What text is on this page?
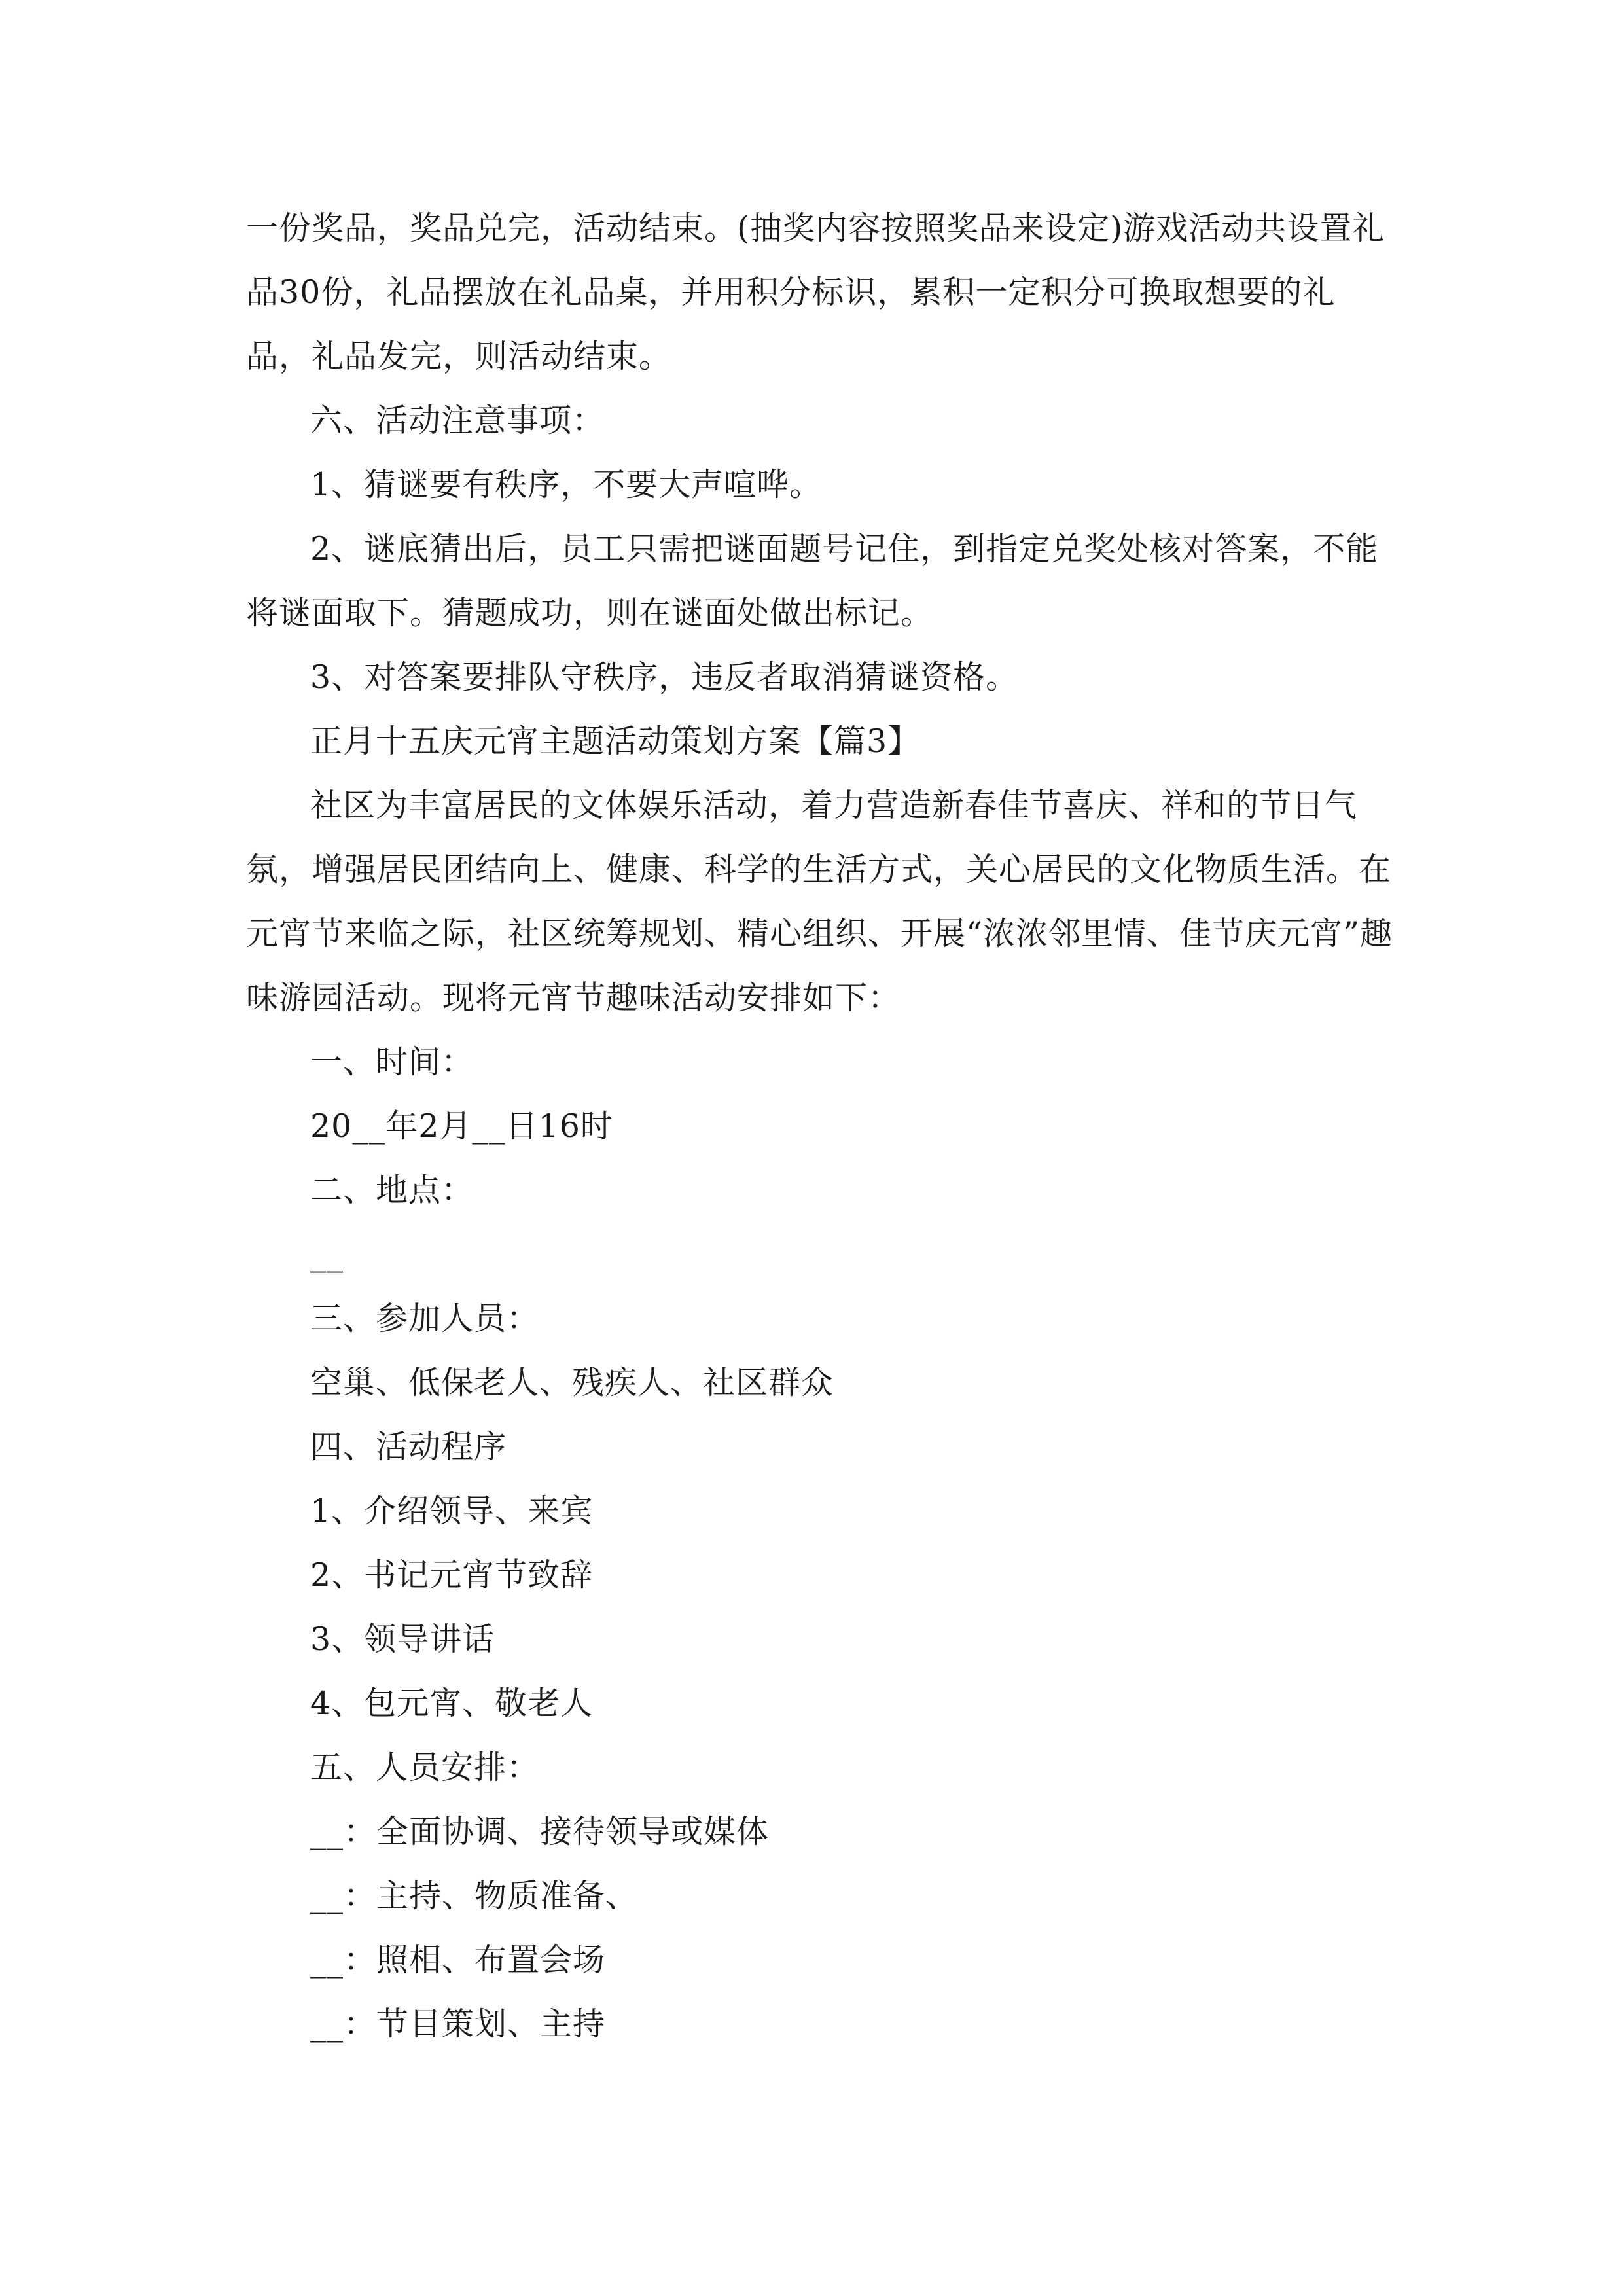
一份奖品，奖品兑完，活动结束。(抽奖内容按照奖品来设定)游戏活动共设置礼品30份，礼品摆放在礼品桌，并用积分标识，累积一定积分可换取想要的礼品，礼品发完，则活动结束。

六、活动注意事项：

1、猜谜要有秩序，不要大声喧哗。

2、谜底猜出后，员工只需把谜面题号记住，到指定兑奖处核对答案，不能将谜面取下。猜题成功，则在谜面处做出标记。

3、对答案要排队守秩序，违反者取消猜谜资格。

正月十五庆元宵主题活动策划方案【篇3】

社区为丰富居民的文体娱乐活动，着力营造新春佳节喜庆、祥和的节日气氛，增强居民团结向上、健康、科学的生活方式，关心居民的文化物质生活。在元宵节来临之际，社区统筹规划、精心组织、开展“浓浓邻里情、佳节庆元宵”趣味游园活动。现将元宵节趣味活动安排如下：

一、时间：

20__年2月__日16时

二、地点：

__

三、参加人员：

空巢、低保老人、残疾人、社区群众

四、活动程序

1、介绍领导、来宾

2、书记元宵节致辞

3、领导讲话

4、包元宵、敬老人

五、人员安排：

__：全面协调、接待领导或媒体

__：主持、物质准备、

__：照相、布置会场

__：节目策划、主持
